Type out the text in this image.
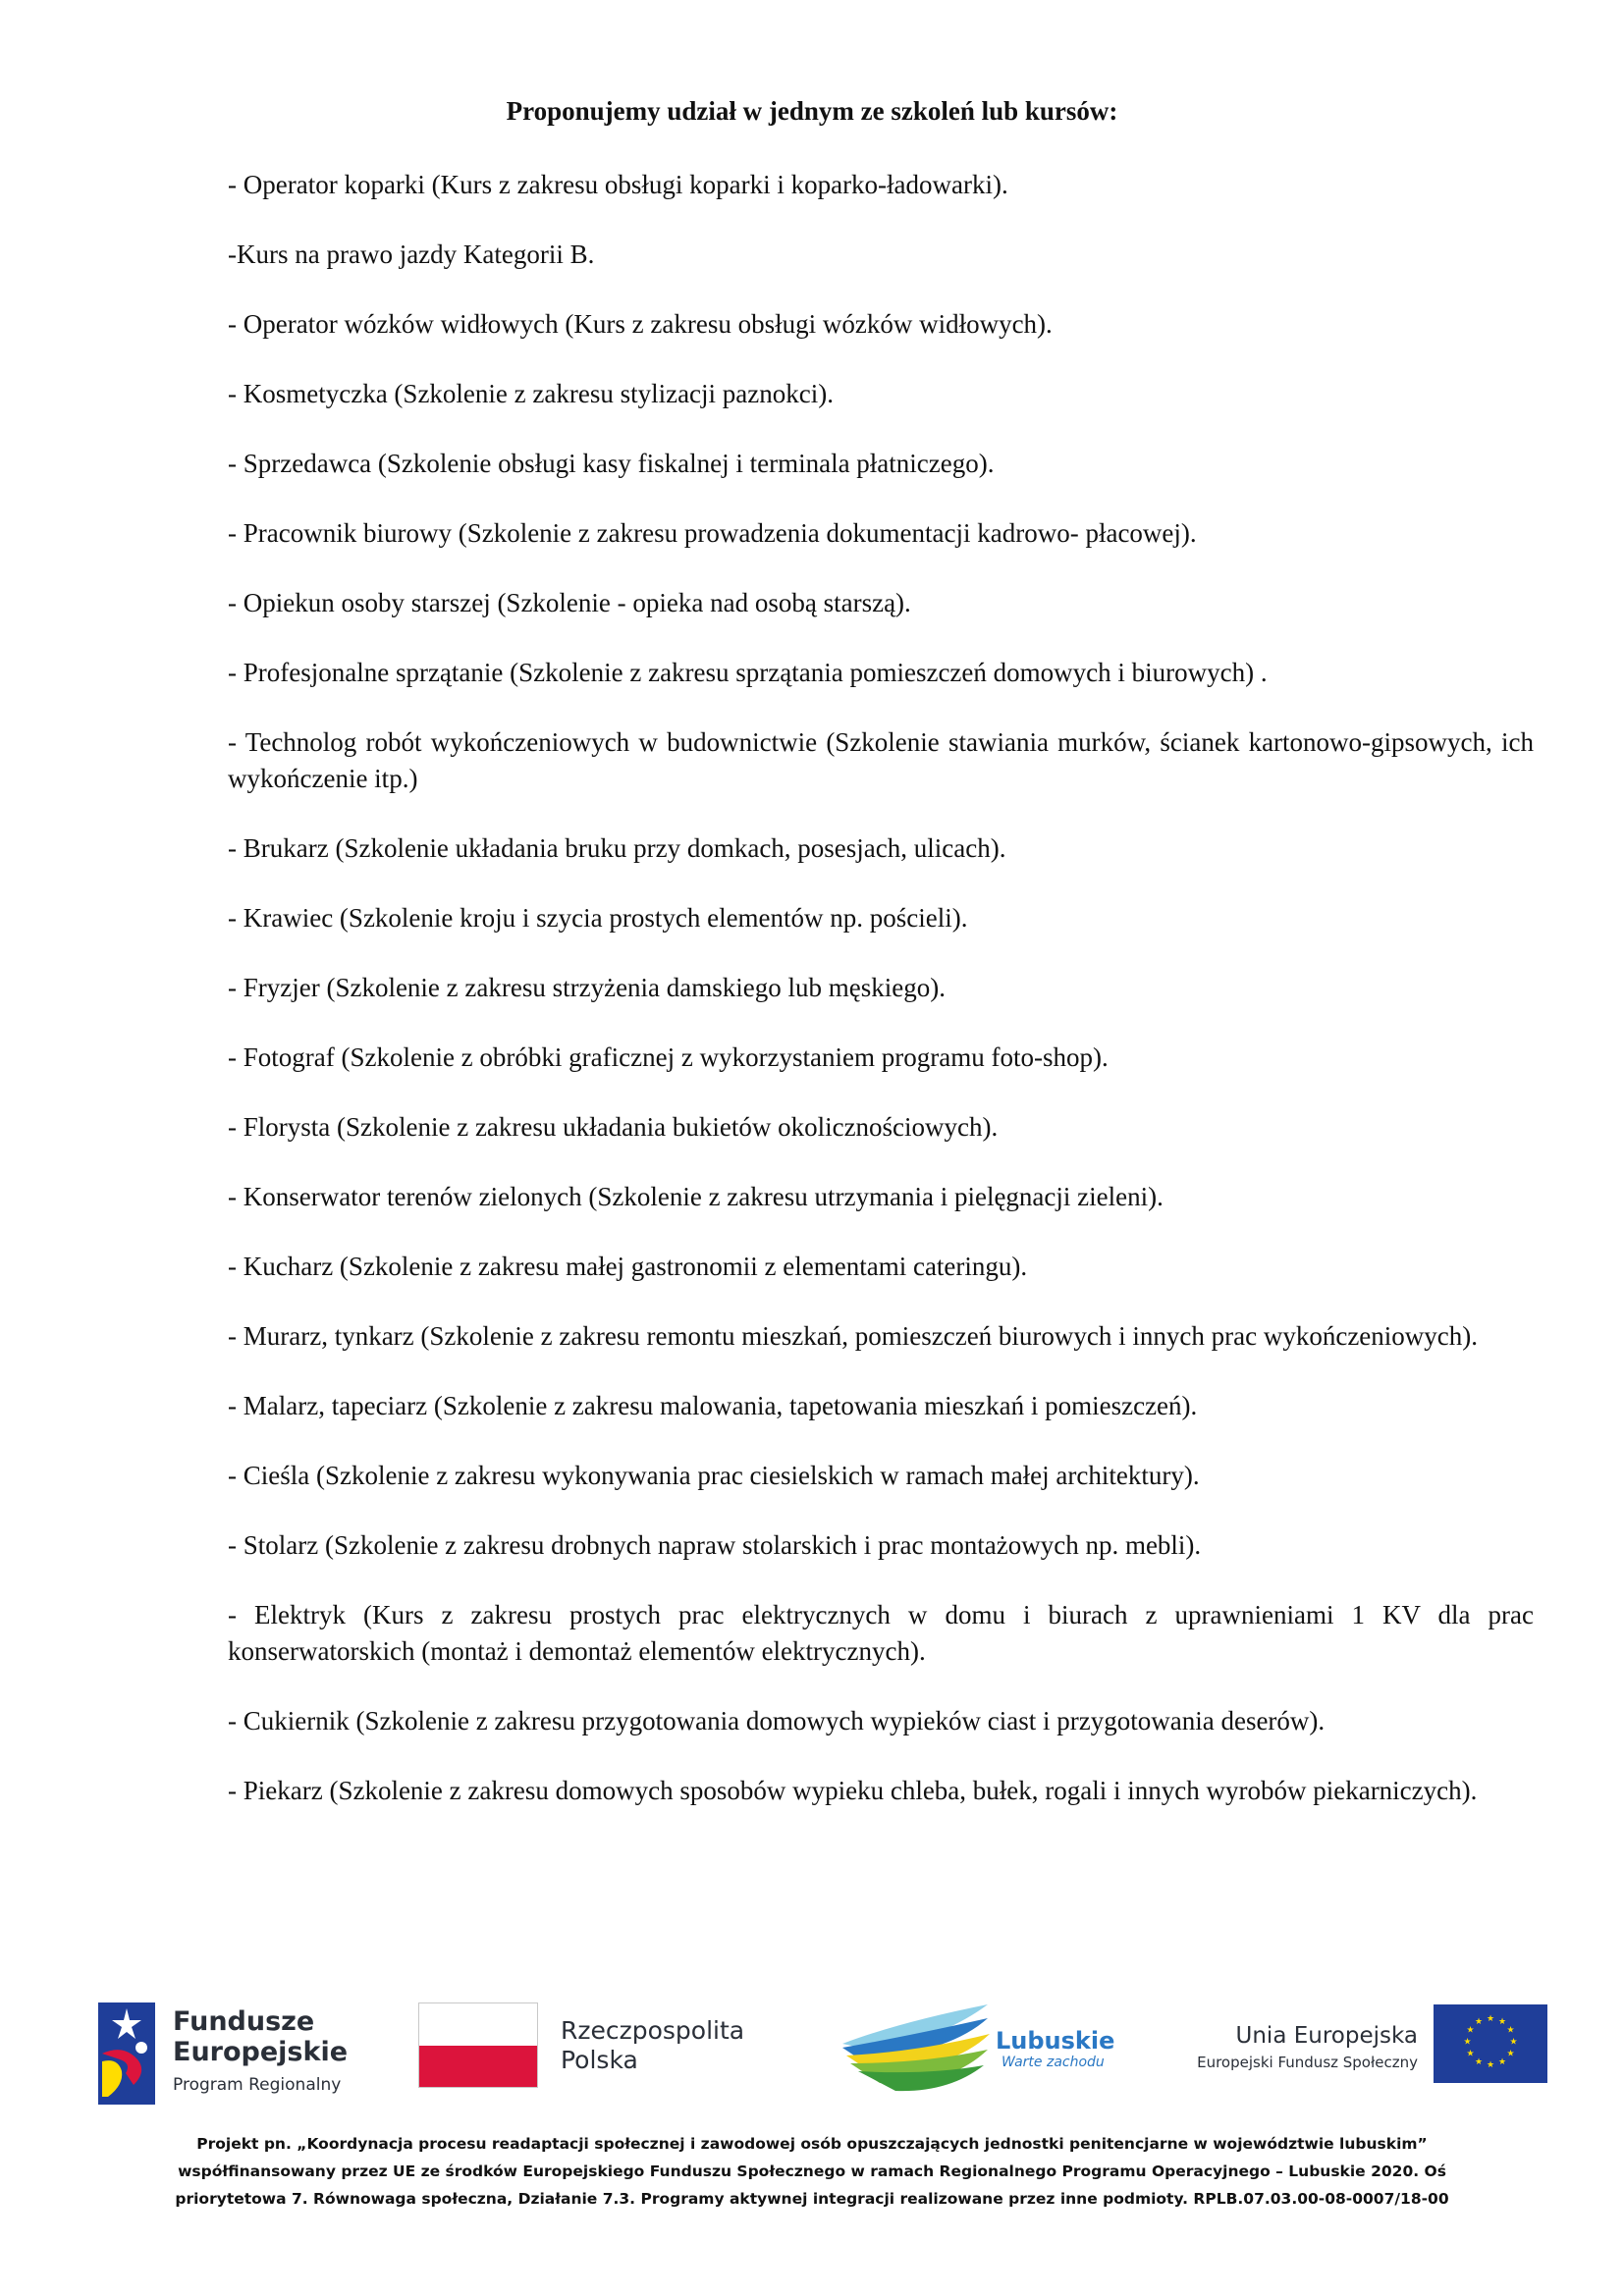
Proponujemy udział w jednym ze szkoleń lub kursów:
- Operator koparki (Kurs z zakresu obsługi koparki i koparko-ładowarki).
-Kurs na prawo jazdy Kategorii B.
- Operator wózków widłowych (Kurs z zakresu obsługi wózków widłowych).
- Kosmetyczka (Szkolenie z zakresu stylizacji paznokci).
- Sprzedawca (Szkolenie obsługi kasy fiskalnej i terminala płatniczego).
- Pracownik biurowy (Szkolenie z zakresu prowadzenia dokumentacji kadrowo- płacowej).
- Opiekun osoby starszej (Szkolenie - opieka nad osobą starszą).
- Profesjonalne sprzątanie (Szkolenie z zakresu sprzątania pomieszczeń domowych i biurowych) .
- Technolog robót wykończeniowych w budownictwie (Szkolenie stawiania murków, ścianek kartonowo-gipsowych, ich wykończenie itp.)
- Brukarz (Szkolenie układania bruku przy domkach, posesjach, ulicach).
- Krawiec (Szkolenie kroju i szycia prostych elementów np. pościeli).
- Fryzjer (Szkolenie z zakresu strzyżenia damskiego lub męskiego).
- Fotograf (Szkolenie z obróbki graficznej z wykorzystaniem programu foto-shop).
- Florysta (Szkolenie z zakresu układania bukietów okolicznościowych).
- Konserwator terenów zielonych (Szkolenie z zakresu utrzymania i pielęgnacji zieleni).
- Kucharz (Szkolenie z zakresu małej gastronomii z elementami cateringu).
- Murarz, tynkarz (Szkolenie z zakresu remontu mieszkań, pomieszczeń biurowych i innych prac wykończeniowych).
- Malarz, tapeciarz (Szkolenie z zakresu malowania, tapetowania mieszkań i pomieszczeń).
- Cieśla (Szkolenie z zakresu wykonywania prac ciesielskich w ramach małej architektury).
- Stolarz (Szkolenie z zakresu drobnych napraw stolarskich i prac montażowych np. mebli).
- Elektryk (Kurs z zakresu prostych prac elektrycznych w domu i biurach z uprawnieniami 1 KV dla prac konserwatorskich (montaż i demontaż elementów elektrycznych).
- Cukiernik (Szkolenie z zakresu przygotowania domowych wypieków ciast i przygotowania deserów).
- Piekarz (Szkolenie z zakresu domowych sposobów wypieku chleba, bułek, rogali i innych wyrobów piekarniczych).
Fundusze
Europejskie
Program Regionalny
Rzeczpospolita
Polska
Lubuskie
Warte zachodu
Unia Europejska
Europejski Fundusz Społeczny
★ ★
★
★
★
★
★
★
★
★
★
★
Projekt pn. „Koordynacja procesu readaptacji społecznej i zawodowej osób opuszczających jednostki penitencjarne w województwie lubuskim”
współfinansowany przez UE ze środków Europejskiego Funduszu Społecznego w ramach Regionalnego Programu Operacyjnego – Lubuskie 2020. Oś
priorytetowa 7. Równowaga społeczna, Działanie 7.3. Programy aktywnej integracji realizowane przez inne podmioty. RPLB.07.03.00-08-0007/18-00
